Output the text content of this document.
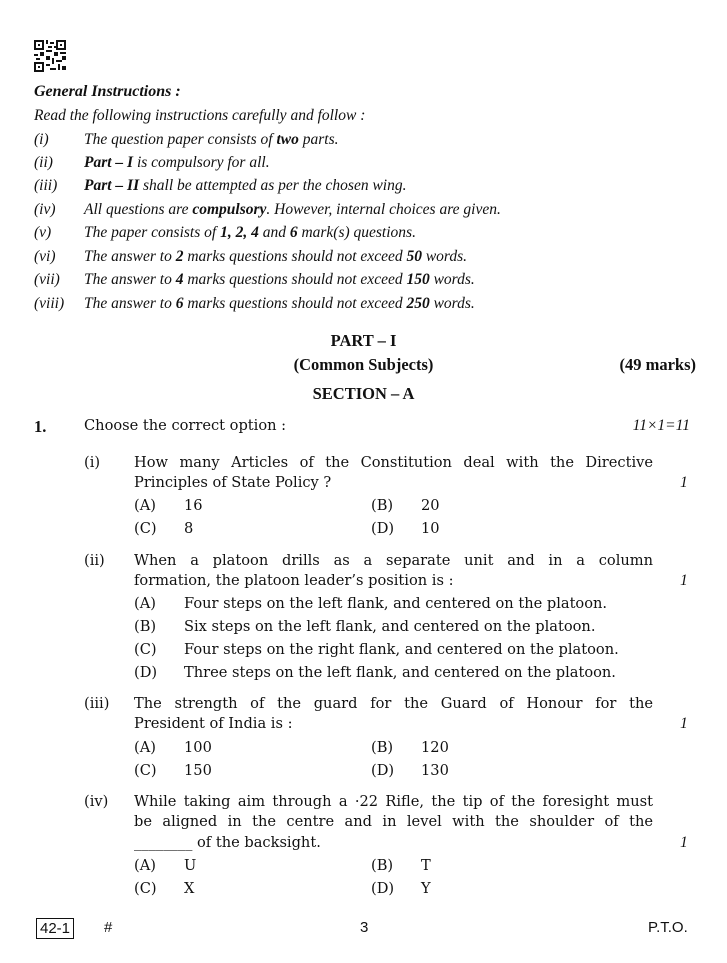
General Instructions :
Read the following instructions carefully and follow :
(i) The question paper consists of two parts.
(ii) Part – I is compulsory for all.
(iii) Part – II shall be attempted as per the chosen wing.
(iv) All questions are compulsory. However, internal choices are given.
(v) The paper consists of 1, 2, 4 and 6 mark(s) questions.
(vi) The answer to 2 marks questions should not exceed 50 words.
(vii) The answer to 4 marks questions should not exceed 150 words.
(viii) The answer to 6 marks questions should not exceed 250 words.
PART – I
(Common Subjects)	(49 marks)
SECTION – A
1.	Choose the correct option :	11×1=11
(i) How many Articles of the Constitution deal with the Directive
Principles of State Policy ?	1
(A) 16	(B) 20
(C) 8	(D) 10
(ii) When a platoon drills as a separate unit and in a column
formation, the platoon leader’s position is :	1
(A) Four steps on the left flank, and centered on the platoon.
(B) Six steps on the left flank, and centered on the platoon.
(C) Four steps on the right flank, and centered on the platoon.
(D) Three steps on the left flank, and centered on the platoon.
(iii) The strength of the guard for the Guard of Honour for the
President of India is :	1
(A) 100	(B) 120
(C) 150	(D) 130
(iv) While taking aim through a ·22 Rifle, the tip of the foresight must
be aligned in the centre and in level with the shoulder of the
________ of the backsight.	1
(A) U	(B) T
(C) X	(D) Y
42-1 #	3	P.T.O.
